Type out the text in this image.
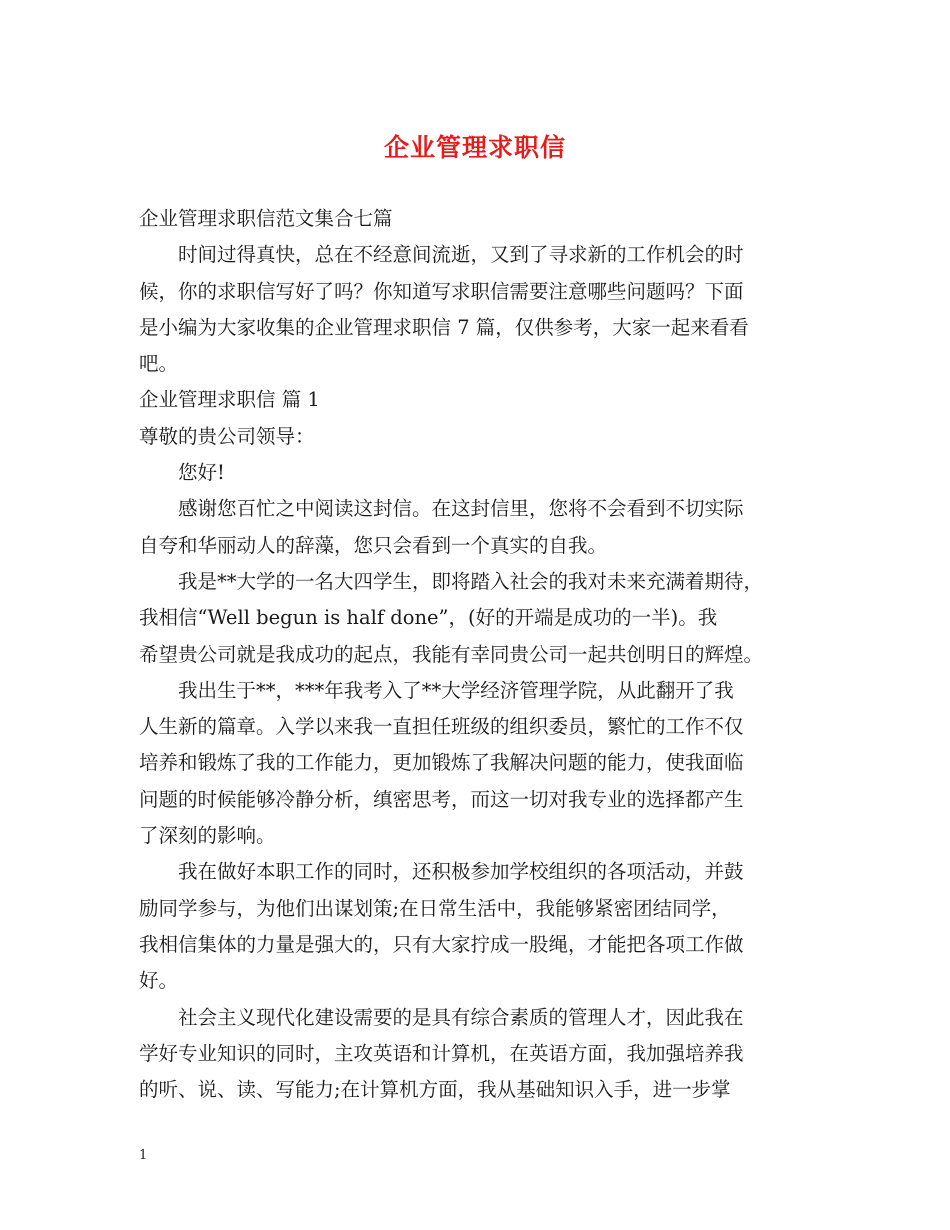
企业管理求职信
企业管理求职信范文集合七篇
　　时间过得真快，总在不经意间流逝，又到了寻求新的工作机会的时
候，你的求职信写好了吗？你知道写求职信需要注意哪些问题吗？下面
是小编为大家收集的企业管理求职信 7 篇，仅供参考，大家一起来看看
吧。
企业管理求职信 篇 1
尊敬的贵公司领导：
　　您好!
　　感谢您百忙之中阅读这封信。在这封信里，您将不会看到不切实际
自夸和华丽动人的辞藻，您只会看到一个真实的自我。
　　我是**大学的一名大四学生，即将踏入社会的我对未来充满着期待，
我相信“Well begun is half done”，(好的开端是成功的一半)。我
希望贵公司就是我成功的起点，我能有幸同贵公司一起共创明日的辉煌。
　　我出生于**，***年我考入了**大学经济管理学院，从此翻开了我
人生新的篇章。入学以来我一直担任班级的组织委员，繁忙的工作不仅
培养和锻炼了我的工作能力，更加锻炼了我解决问题的能力，使我面临
问题的时候能够冷静分析，缜密思考，而这一切对我专业的选择都产生
了深刻的影响。
　　我在做好本职工作的同时，还积极参加学校组织的各项活动，并鼓
励同学参与，为他们出谋划策;在日常生活中，我能够紧密团结同学，
我相信集体的力量是强大的，只有大家拧成一股绳，才能把各项工作做
好。
　　社会主义现代化建设需要的是具有综合素质的管理人才，因此我在
学好专业知识的同时，主攻英语和计算机，在英语方面，我加强培养我
的听、说、读、写能力;在计算机方面，我从基础知识入手，进一步掌
1
